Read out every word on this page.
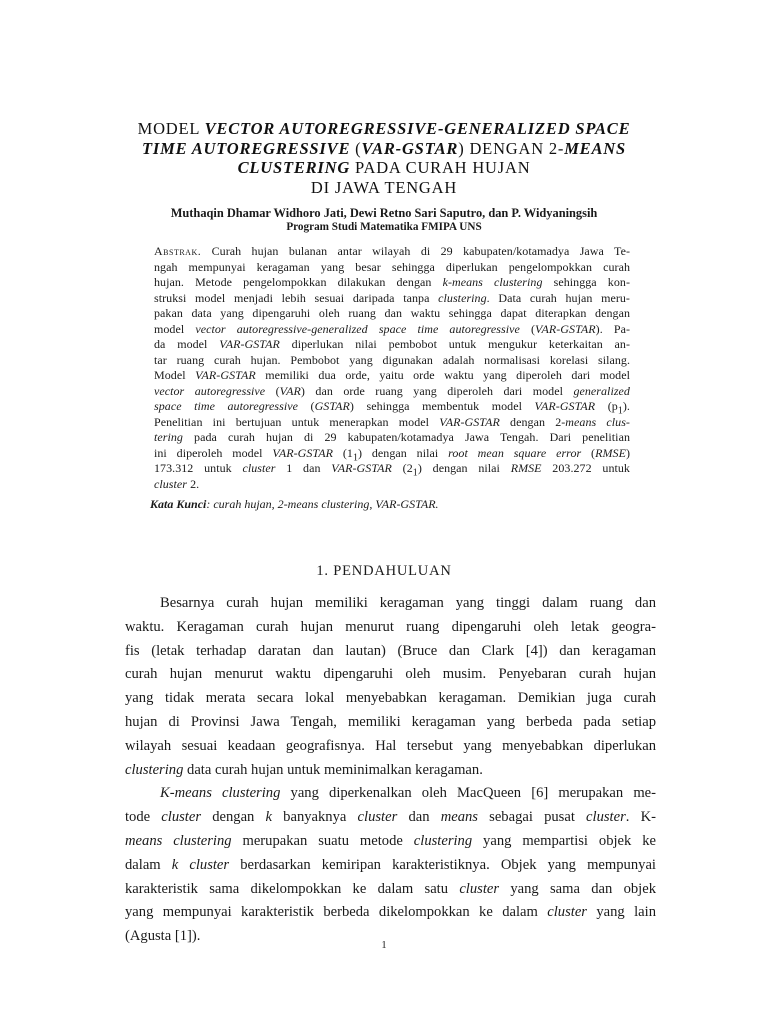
MODEL VECTOR AUTOREGRESSIVE-GENERALIZED SPACE
TIME AUTOREGRESSIVE (VAR-GSTAR) DENGAN 2-MEANS
CLUSTERING PADA CURAH HUJAN
DI JAWA TENGAH
Muthaqin Dhamar Widhoro Jati, Dewi Retno Sari Saputro, dan P. Widyaningsih
Program Studi Matematika FMIPA UNS
Abstrak. Curah hujan bulanan antar wilayah di 29 kabupaten/kotamadya Jawa Te-
ngah mempunyai keragaman yang besar sehingga diperlukan pengelompokkan curah
hujan. Metode pengelompokkan dilakukan dengan k-means clustering sehingga kon-
struksi model menjadi lebih sesuai daripada tanpa clustering. Data curah hujan meru-
pakan data yang dipengaruhi oleh ruang dan waktu sehingga dapat diterapkan dengan
model vector autoregressive-generalized space time autoregressive (VAR-GSTAR). Pa-
da model VAR-GSTAR diperlukan nilai pembobot untuk mengukur keterkaitan an-
tar ruang curah hujan. Pembobot yang digunakan adalah normalisasi korelasi silang.
Model VAR-GSTAR memiliki dua orde, yaitu orde waktu yang diperoleh dari model
vector autoregressive (VAR) dan orde ruang yang diperoleh dari model generalized
space time autoregressive (GSTAR) sehingga membentuk model VAR-GSTAR $(p_1)$.
Penelitian ini bertujuan untuk menerapkan model VAR-GSTAR dengan 2-means clus-
tering pada curah hujan di 29 kabupaten/kotamadya Jawa Tengah. Dari penelitian
ini diperoleh model VAR-GSTAR $(1_1)$ dengan nilai root mean square error (RMSE)
173.312 untuk cluster 1 dan VAR-GSTAR $(2_1)$ dengan nilai RMSE 203.272 untuk
cluster 2.
Kata Kunci: curah hujan, 2-means clustering, VAR-GSTAR.
1. PENDAHULUAN
Besarnya curah hujan memiliki keragaman yang tinggi dalam ruang dan
waktu. Keragaman curah hujan menurut ruang dipengaruhi oleh letak geogra-
fis (letak terhadap daratan dan lautan) (Bruce dan Clark [4]) dan keragaman
curah hujan menurut waktu dipengaruhi oleh musim. Penyebaran curah hujan
yang tidak merata secara lokal menyebabkan keragaman. Demikian juga curah
hujan di Provinsi Jawa Tengah, memiliki keragaman yang berbeda pada setiap
wilayah sesuai keadaan geografisnya. Hal tersebut yang menyebabkan diperlukan
clustering data curah hujan untuk meminimalkan keragaman.
K-means clustering yang diperkenalkan oleh MacQueen [6] merupakan me-
tode cluster dengan k banyaknya cluster dan means sebagai pusat cluster. K-
means clustering merupakan suatu metode clustering yang mempartisi objek ke
dalam k cluster berdasarkan kemiripan karakteristiknya. Objek yang mempunyai
karakteristik sama dikelompokkan ke dalam satu cluster yang sama dan objek
yang mempunyai karakteristik berbeda dikelompokkan ke dalam cluster yang lain
(Agusta [1]).
1
